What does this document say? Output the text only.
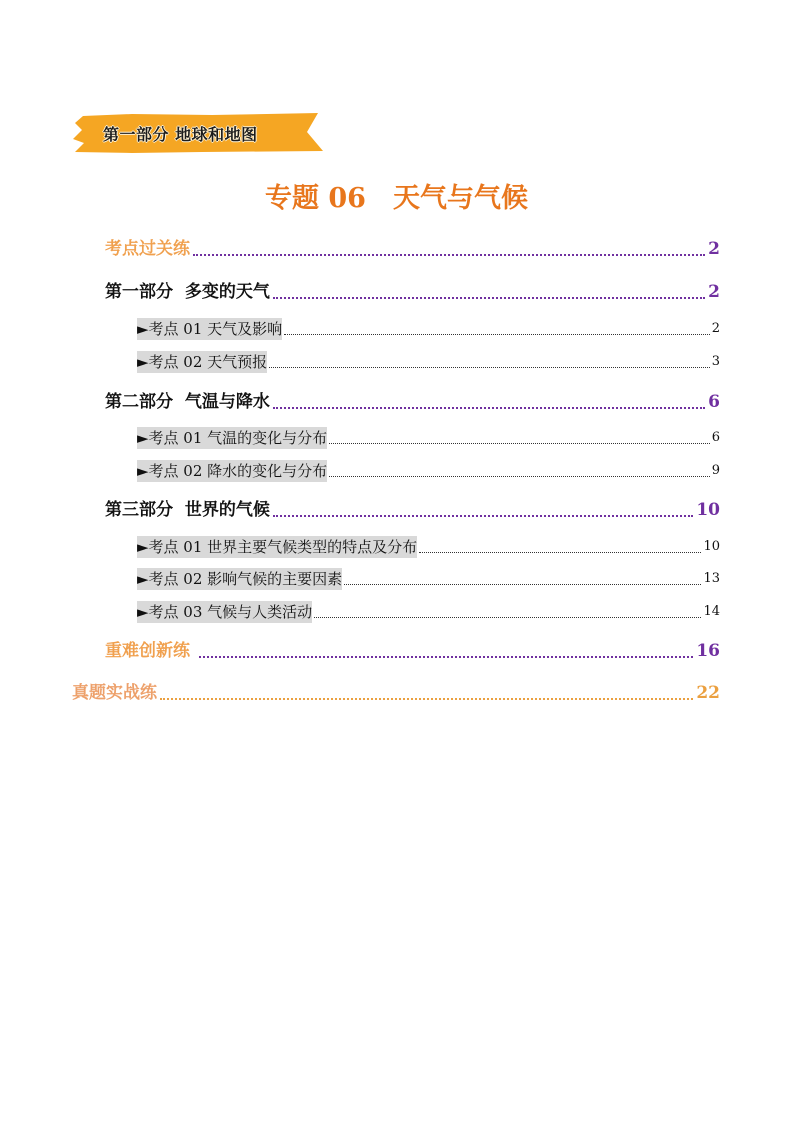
第一部分 地球和地图
专题 06　天气与气候
考点过关练	2
第一部分  多变的天气	2
►考点 01 天气及影响	2
►考点 02 天气预报	3
第二部分  气温与降水	6
►考点 01 气温的变化与分布	6
►考点 02 降水的变化与分布	9
第三部分  世界的气候	10
►考点 01 世界主要气候类型的特点及分布	10
►考点 02 影响气候的主要因素	13
►考点 03 气候与人类活动	14
重难创新练	16
真题实战练	22
